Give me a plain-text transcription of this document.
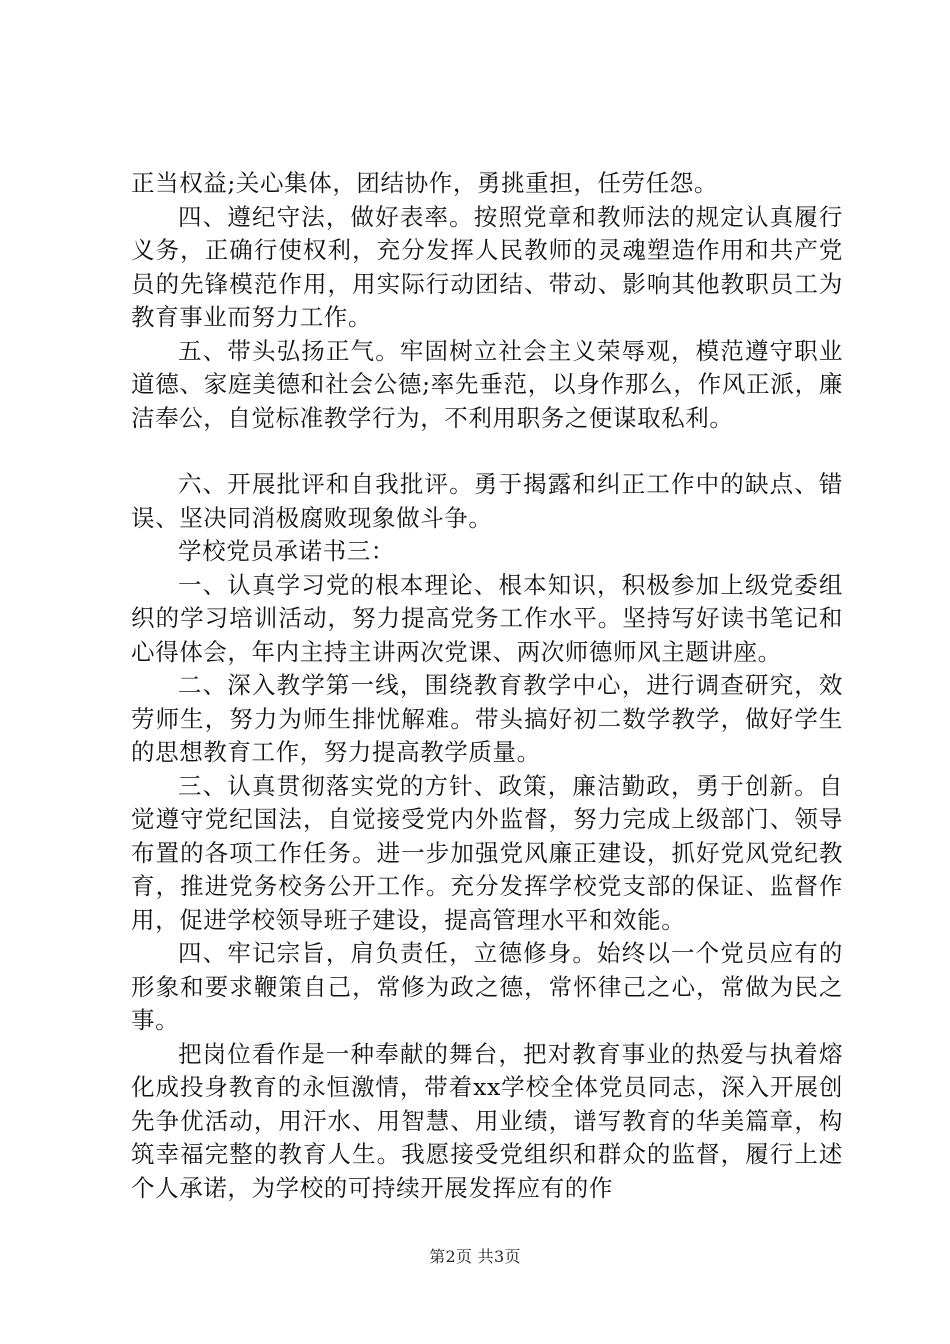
正当权益;关心集体，团结协作，勇挑重担，任劳任怨。

四、遵纪守法，做好表率。按照党章和教师法的规定认真履行义务，正确行使权利，充分发挥人民教师的灵魂塑造作用和共产党员的先锋模范作用，用实际行动团结、带动、影响其他教职员工为教育事业而努力工作。

五、带头弘扬正气。牢固树立社会主义荣辱观，模范遵守职业道德、家庭美德和社会公德;率先垂范，以身作那么，作风正派，廉洁奉公，自觉标准教学行为，不利用职务之便谋取私利。

六、开展批评和自我批评。勇于揭露和纠正工作中的缺点、错误、坚决同消极腐败现象做斗争。

学校党员承诺书三：

一、认真学习党的根本理论、根本知识，积极参加上级党委组织的学习培训活动，努力提高党务工作水平。坚持写好读书笔记和心得体会，年内主持主讲两次党课、两次师德师风主题讲座。

二、深入教学第一线，围绕教育教学中心，进行调查研究，效劳师生，努力为师生排忧解难。带头搞好初二数学教学，做好学生的思想教育工作，努力提高教学质量。

三、认真贯彻落实党的方针、政策，廉洁勤政，勇于创新。自觉遵守党纪国法，自觉接受党内外监督，努力完成上级部门、领导布置的各项工作任务。进一步加强党风廉正建设，抓好党风党纪教育，推进党务校务公开工作。充分发挥学校党支部的保证、监督作用，促进学校领导班子建设，提高管理水平和效能。

四、牢记宗旨，肩负责任，立德修身。始终以一个党员应有的形象和要求鞭策自己，常修为政之德，常怀律己之心，常做为民之事。

把岗位看作是一种奉献的舞台，把对教育事业的热爱与执着熔化成投身教育的永恒激情，带着xx学校全体党员同志，深入开展创先争优活动，用汗水、用智慧、用业绩，谱写教育的华美篇章，构筑幸福完整的教育人生。我愿接受党组织和群众的监督，履行上述个人承诺，为学校的可持续开展发挥应有的作

第2页 共3页
